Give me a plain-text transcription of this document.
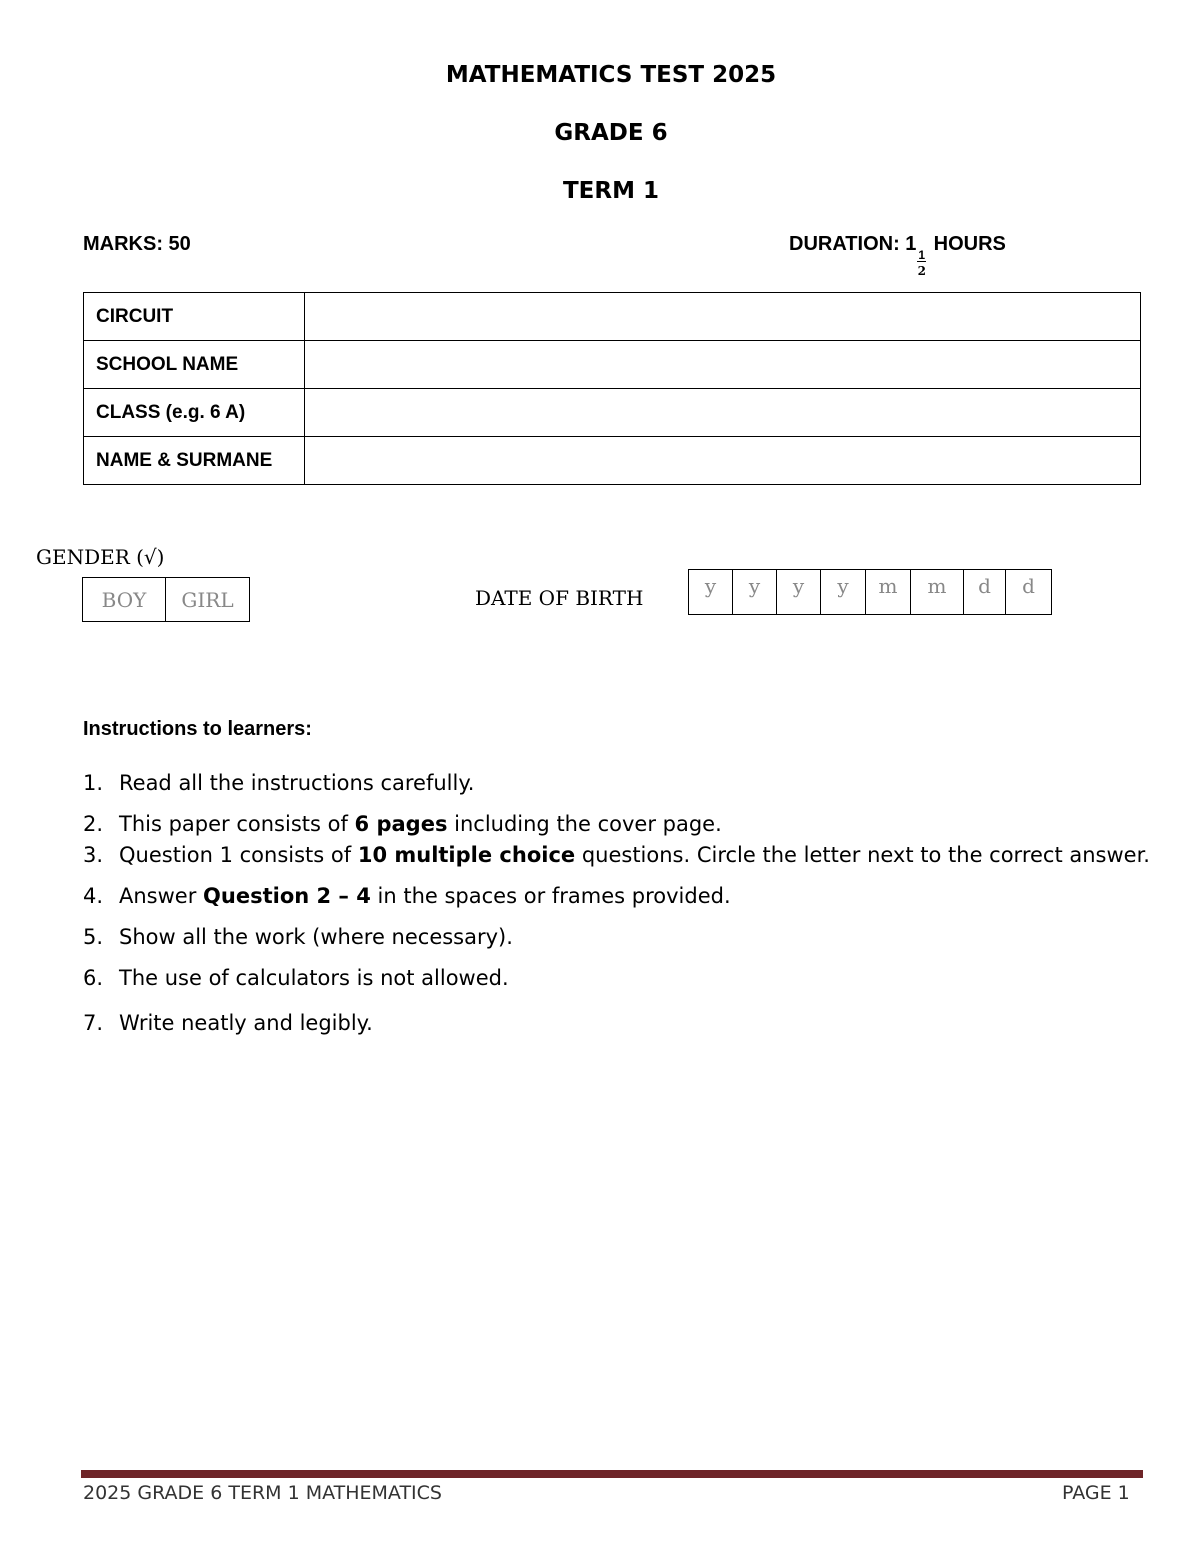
MATHEMATICS TEST 2025
GRADE 6
TERM 1
MARKS: 50	DURATION: 1
$\frac{1}{2}$
HOURS
CIRCUIT	
SCHOOL NAME	
CLASS (e.g. 6 A)	
NAME & SURMANE	
GENDER (√)
BOY	GIRL	DATE OF BIRTH	y	y	y	y	m	m	d	d
Instructions to learners:
1. Read all the instructions carefully.
2. This paper consists of 6 pages including the cover page.
3. Question 1 consists of 10 multiple choice questions. Circle the letter next to the correct answer.
4. Answer Question 2 – 4 in the spaces or frames provided.
5. Show all the work (where necessary).
6. The use of calculators is not allowed.
7. Write neatly and legibly.
2025 GRADE 6 TERM 1 MATHEMATICS	PAGE 1
